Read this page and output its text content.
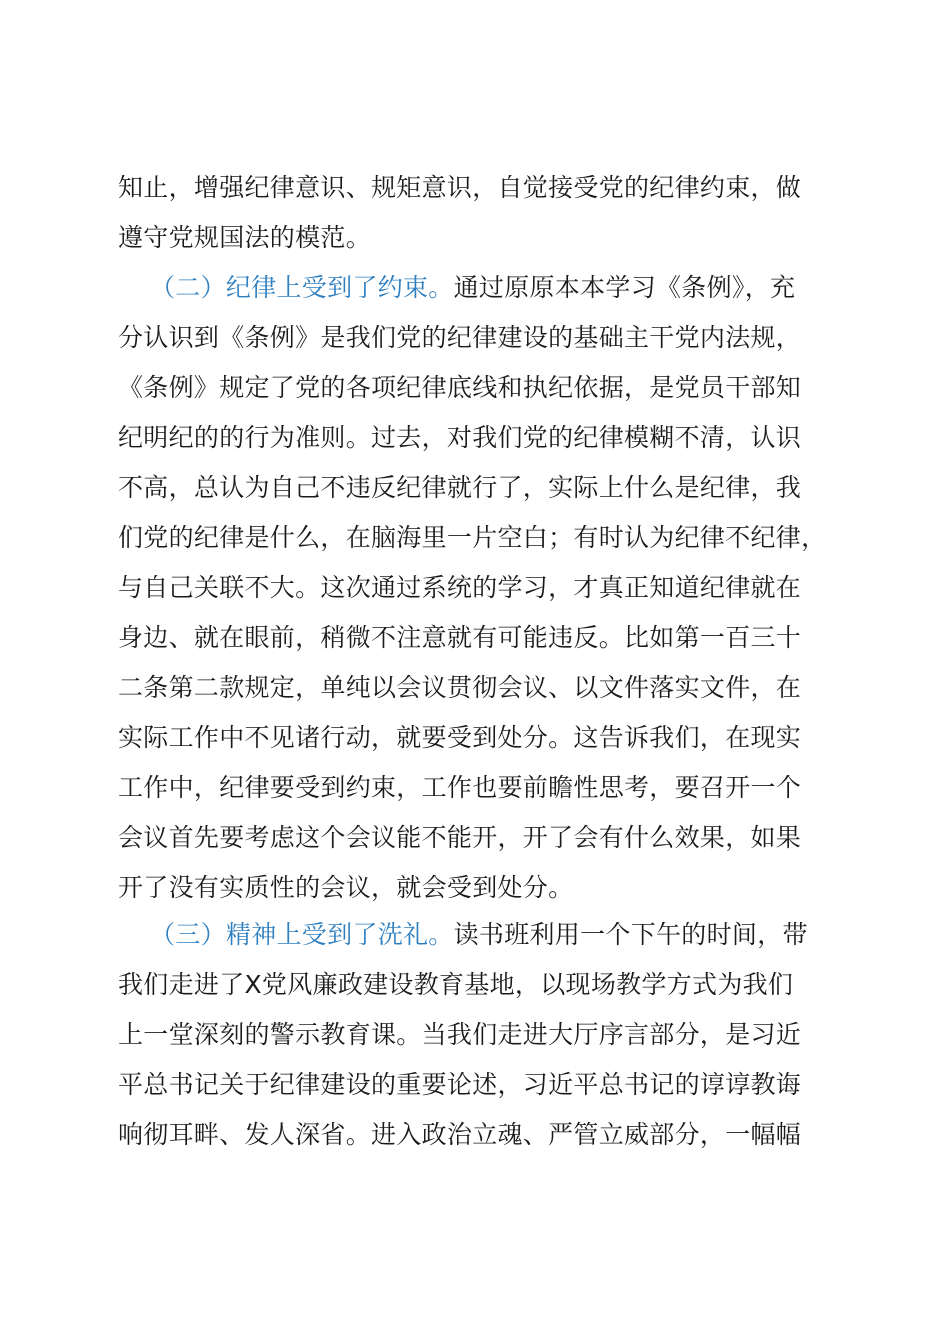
知止，增强纪律意识、规矩意识，自觉接受党的纪律约束，做
遵守党规国法的模范。
（二）纪律上受到了约束。通过原原本本学习《条例》，充
分认识到《条例》是我们党的纪律建设的基础主干党内法规，
《条例》规定了党的各项纪律底线和执纪依据，是党员干部知
纪明纪的的行为准则。过去，对我们党的纪律模糊不清，认识
不高，总认为自己不违反纪律就行了，实际上什么是纪律，我
们党的纪律是什么，在脑海里一片空白；有时认为纪律不纪律，
与自己关联不大。这次通过系统的学习，才真正知道纪律就在
身边、就在眼前，稍微不注意就有可能违反。比如第一百三十
二条第二款规定，单纯以会议贯彻会议、以文件落实文件，在
实际工作中不见诸行动，就要受到处分。这告诉我们，在现实
工作中，纪律要受到约束，工作也要前瞻性思考，要召开一个
会议首先要考虑这个会议能不能开，开了会有什么效果，如果
开了没有实质性的会议，就会受到处分。
（三）精神上受到了洗礼。读书班利用一个下午的时间，带
我们走进了X党风廉政建设教育基地，以现场教学方式为我们
上一堂深刻的警示教育课。当我们走进大厅序言部分，是习近
平总书记关于纪律建设的重要论述，习近平总书记的谆谆教诲
响彻耳畔、发人深省。进入政治立魂、严管立威部分，一幅幅
